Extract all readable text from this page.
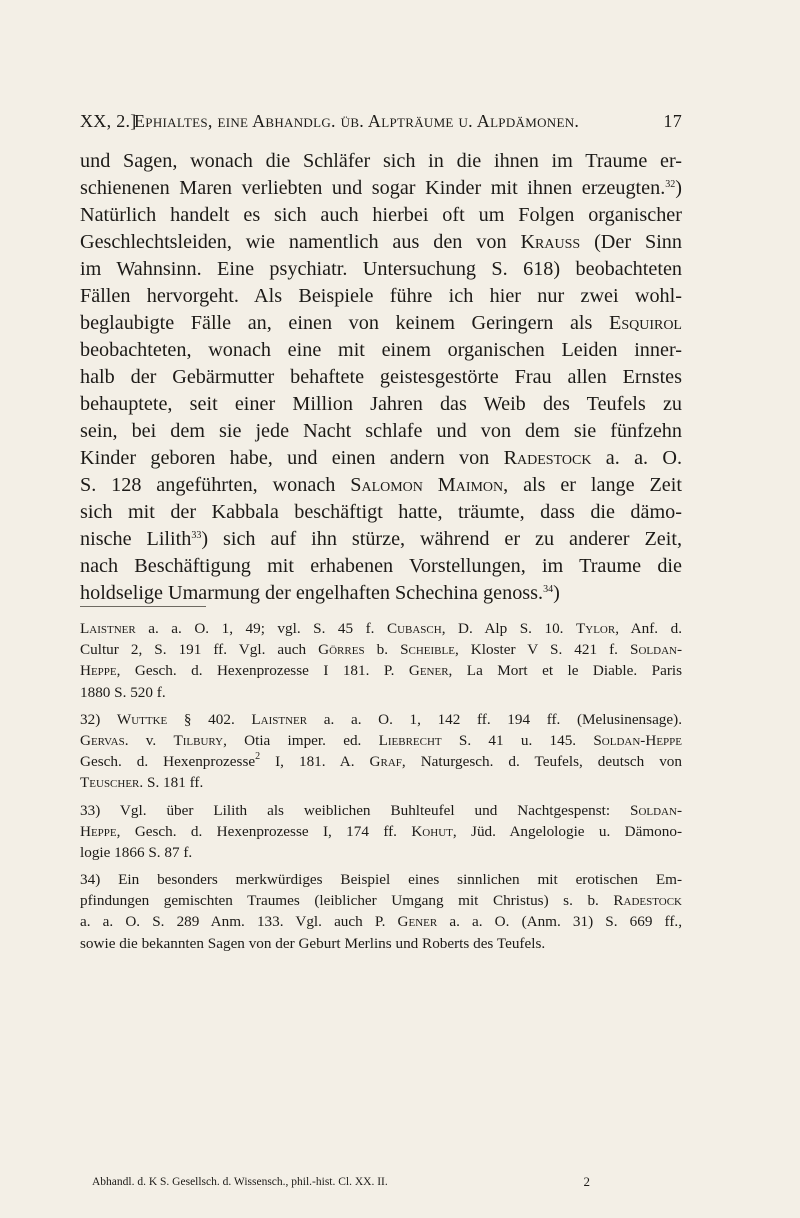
XX, 2.]
Ephialtes, eine Abhandlg. üb. Alpträume u. Alpdämonen.	17
und Sagen, wonach die Schläfer sich in die ihnen im Traume er-
schienenen Maren verliebten und sogar Kinder mit ihnen erzeugten.$^{32}$)
Natürlich handelt es sich auch hierbei oft um Folgen organischer
Geschlechtsleiden, wie namentlich aus den von Krauss (Der Sinn
im Wahnsinn. Eine psychiatr. Untersuchung S. 618) beobachteten
Fällen hervorgeht. Als Beispiele führe ich hier nur zwei wohl-
beglaubigte Fälle an, einen von keinem Geringern als Esquirol
beobachteten, wonach eine mit einem organischen Leiden inner-
halb der Gebärmutter behaftete geistesgestörte Frau allen Ernstes
behauptete, seit einer Million Jahren das Weib des Teufels zu
sein, bei dem sie jede Nacht schlafe und von dem sie fünfzehn
Kinder geboren habe, und einen andern von Radestock a. a. O.
S. 128 angeführten, wonach Salomon Maimon, als er lange Zeit
sich mit der Kabbala beschäftigt hatte, träumte, dass die dämo-
nische Lilith$^{33}$) sich auf ihn stürze, während er zu anderer Zeit,
nach Beschäftigung mit erhabenen Vorstellungen, im Traume die
holdselige Umarmung der engelhaften Schechina genoss.$^{34}$)
Laistner a. a. O. 1, 49; vgl. S. 45 f. Cubasch, D. Alp S. 10. Tylor, Anf. d.
Cultur 2, S. 191 ff. Vgl. auch Görres b. Scheible, Kloster V S. 421 f. Soldan-
Heppe, Gesch. d. Hexenprozesse I 181. P. Gener, La Mort et le Diable. Paris
1880 S. 520 f.
32) Wuttke § 402. Laistner a. a. O. 1, 142 ff. 194 ff. (Melusinensage).
Gervas. v. Tilbury, Otia imper. ed. Liebrecht S. 41 u. 145. Soldan-Heppe
Gesch. d. Hexenprozesse$^2$ I, 181. A. Graf, Naturgesch. d. Teufels, deutsch von
Teuscher. S. 181 ff.
33) Vgl. über Lilith als weiblichen Buhlteufel und Nachtgespenst: Soldan-
Heppe, Gesch. d. Hexenprozesse I, 174 ff. Kohut, Jüd. Angelologie u. Dämono-
logie 1866 S. 87 f.
34) Ein besonders merkwürdiges Beispiel eines sinnlichen mit erotischen Em-
pfindungen gemischten Traumes (leiblicher Umgang mit Christus) s. b. Radestock
a. a. O. S. 289 Anm. 133. Vgl. auch P. Gener a. a. O. (Anm. 31) S. 669 ff.,
sowie die bekannten Sagen von der Geburt Merlins und Roberts des Teufels.
Abhandl. d. K S. Gesellsch. d. Wissensch., phil.-hist. Cl. XX. II.	2
